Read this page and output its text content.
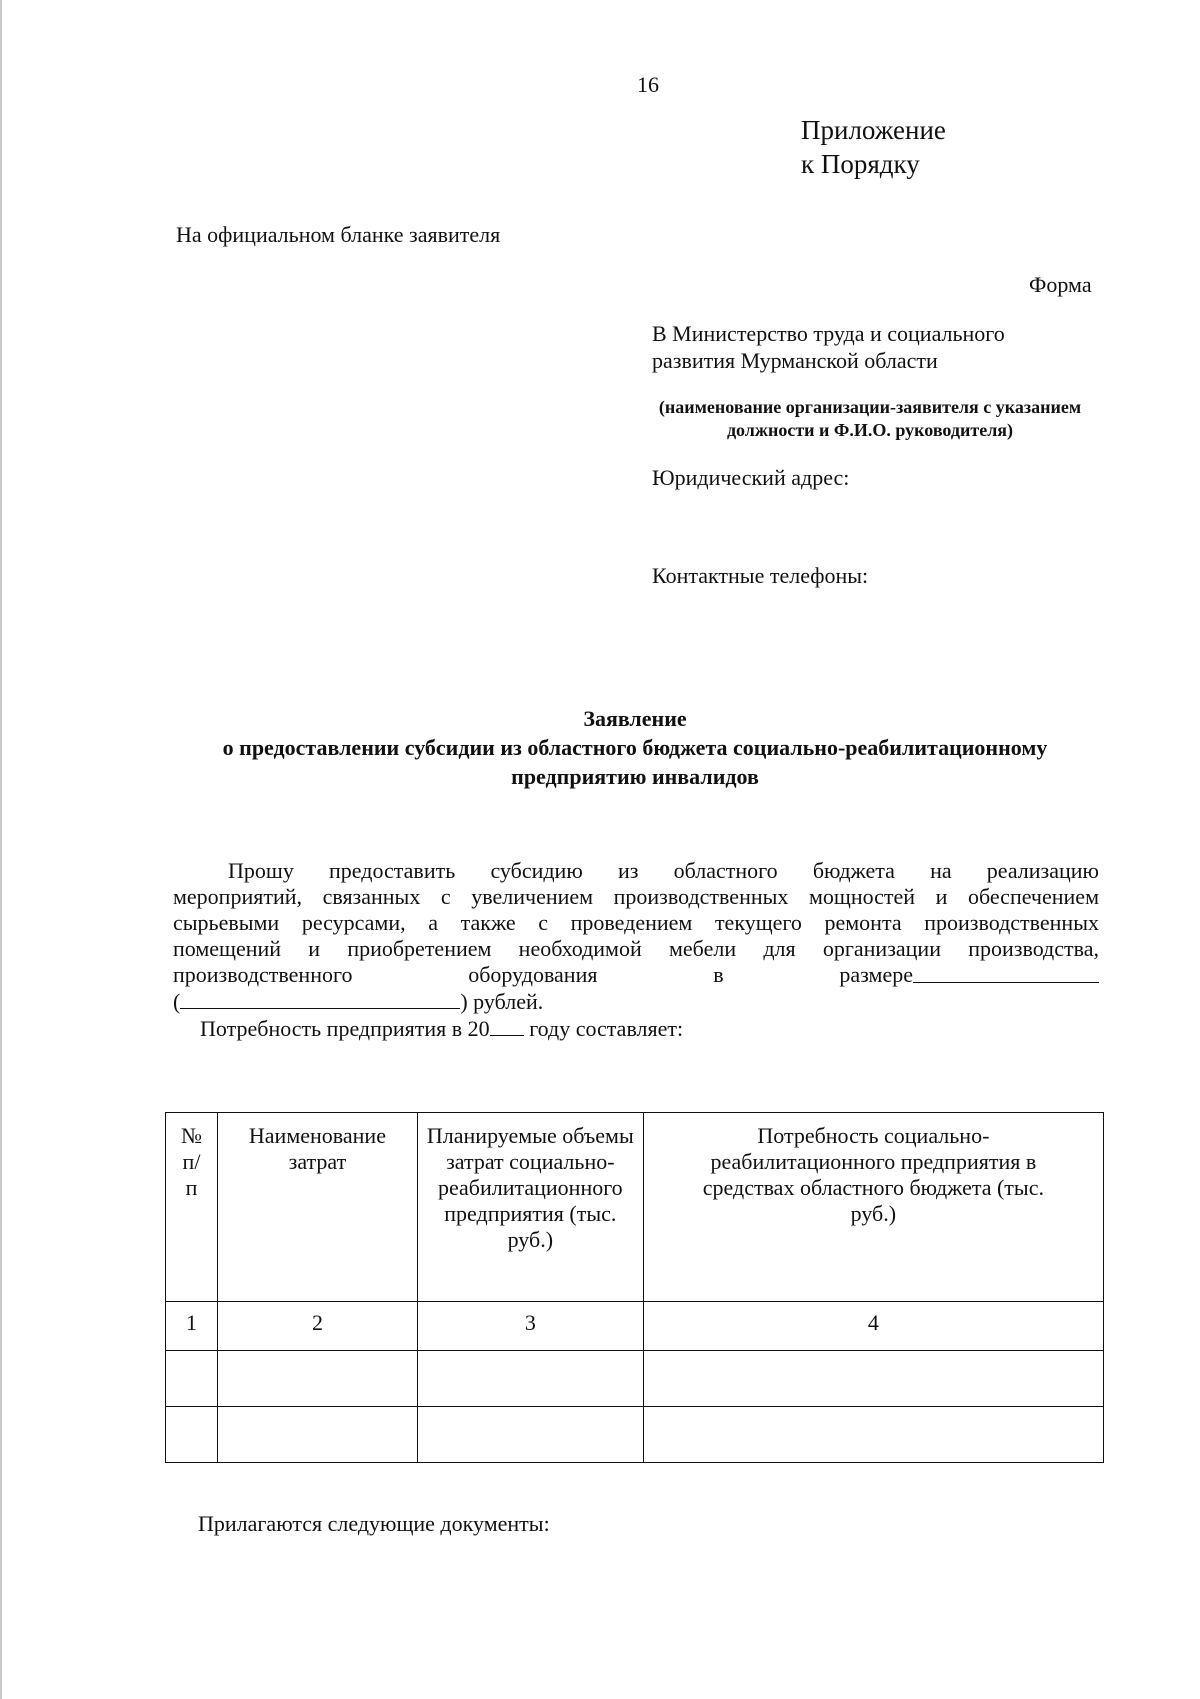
16
Приложение
к Порядку
На официальном бланке заявителя
Форма
В Министерство труда и социального
развития Мурманской области
(наименование организации-заявителя с указанием
должности и Ф.И.О. руководителя)
Юридический адрес:
Контактные телефоны:
Заявление
о предоставлении субсидии из областного бюджета социально-реабилитационному
предприятию инвалидов
Прошу предоставить субсидию из областного бюджета на реализацию
мероприятий, связанных с увеличением производственных мощностей и обеспечением
сырьевыми ресурсами, а также с проведением текущего ремонта производственных
помещений и приобретением необходимой мебели для организации производства,
производственного оборудования в размере
(	) рублей.
Потребность предприятия в 20 году составляет:
№ п/п	Наименование затрат	Планируемые объемы затрат социально-реабилитационного предприятия (тыс. руб.)	Потребность социально-реабилитационного предприятия в средствах областного бюджета (тыс. руб.)
1	2	3	4

Прилагаются следующие документы:
